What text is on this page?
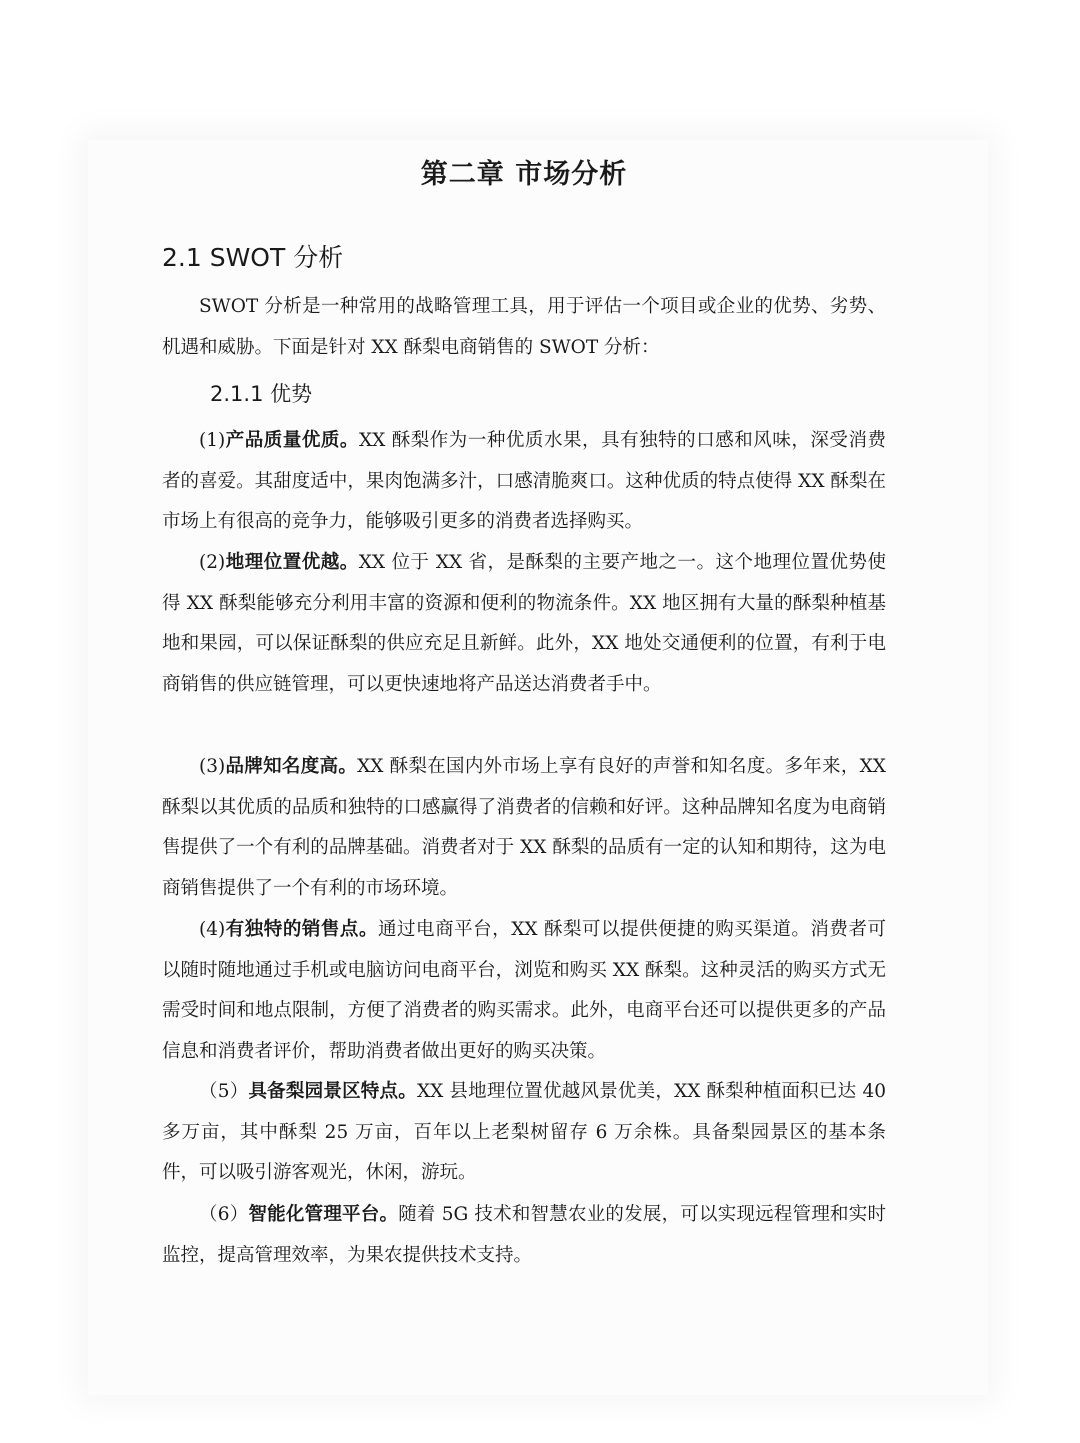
第二章 市场分析
2.1 SWOT 分析

SWOT 分析是一种常用的战略管理工具，用于评估一个项目或企业的优势、劣势、机遇和威胁。下面是针对 XX 酥梨电商销售的 SWOT 分析：

2.1.1 优势

(1)产品质量优质。XX 酥梨作为一种优质水果，具有独特的口感和风味，深受消费者的喜爱。其甜度适中，果肉饱满多汁，口感清脆爽口。这种优质的特点使得 XX 酥梨在市场上有很高的竞争力，能够吸引更多的消费者选择购买。

(2)地理位置优越。XX 位于 XX 省，是酥梨的主要产地之一。这个地理位置优势使得 XX 酥梨能够充分利用丰富的资源和便利的物流条件。XX 地区拥有大量的酥梨种植基地和果园，可以保证酥梨的供应充足且新鲜。此外，XX 地处交通便利的位置，有利于电商销售的供应链管理，可以更快速地将产品送达消费者手中。

(3)品牌知名度高。XX 酥梨在国内外市场上享有良好的声誉和知名度。多年来，XX 酥梨以其优质的品质和独特的口感赢得了消费者的信赖和好评。这种品牌知名度为电商销售提供了一个有利的品牌基础。消费者对于 XX 酥梨的品质有一定的认知和期待，这为电商销售提供了一个有利的市场环境。

(4)有独特的销售点。通过电商平台，XX 酥梨可以提供便捷的购买渠道。消费者可以随时随地通过手机或电脑访问电商平台，浏览和购买 XX 酥梨。这种灵活的购买方式无需受时间和地点限制，方便了消费者的购买需求。此外，电商平台还可以提供更多的产品信息和消费者评价，帮助消费者做出更好的购买决策。

（5）具备梨园景区特点。XX 县地理位置优越风景优美，XX 酥梨种植面积已达 40 多万亩，其中酥梨 25 万亩，百年以上老梨树留存 6 万余株。具备梨园景区的基本条件，可以吸引游客观光，休闲，游玩。

（6）智能化管理平台。随着 5G 技术和智慧农业的发展，可以实现远程管理和实时监控，提高管理效率，为果农提供技术支持。
